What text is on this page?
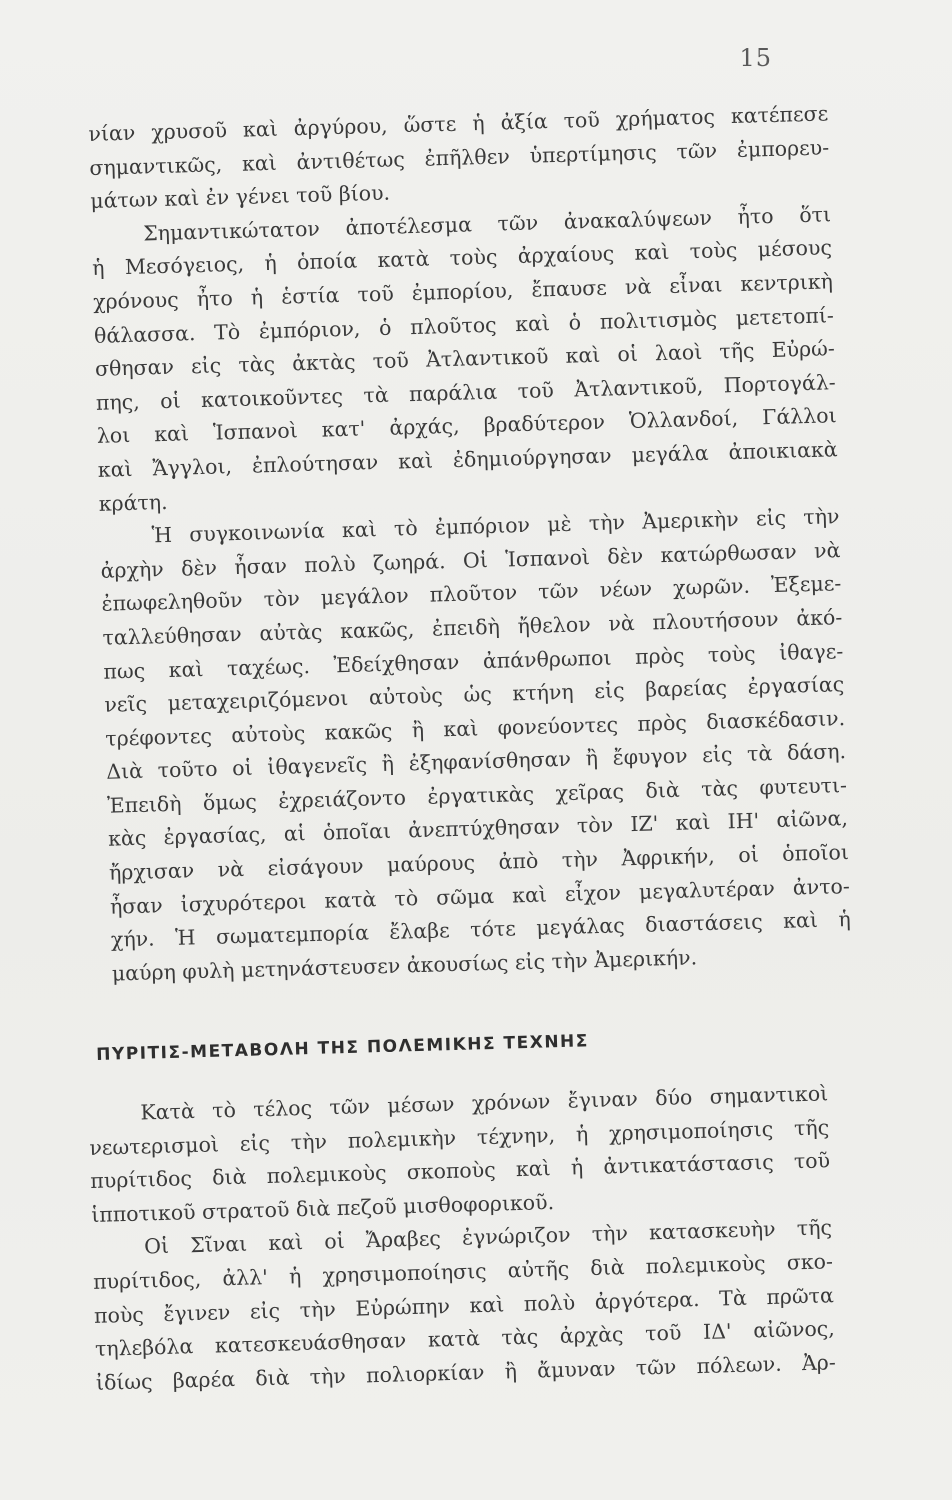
15
νίαν χρυσοῦ καὶ ἀργύρου, ὥστε ἡ ἀξία τοῦ χρήματος κατέπεσε
σημαντικῶς, καὶ ἀντιθέτως ἐπῆλθεν ὑπερτίμησις τῶν ἐμπορευ-
μάτων καὶ ἐν γένει τοῦ βίου.
Σημαντικώτατον ἀποτέλεσμα τῶν ἀνακαλύψεων ἦτο ὅτι
ἡ Μεσόγειος, ἡ ὁποία κατὰ τοὺς ἀρχαίους καὶ τοὺς μέσους
χρόνους ἦτο ἡ ἑστία τοῦ ἐμπορίου, ἔπαυσε νὰ εἶναι κεντρικὴ
θάλασσα. Τὸ ἐμπόριον, ὁ πλοῦτος καὶ ὁ πολιτισμὸς μετετοπί-
σθησαν εἰς τὰς ἀκτὰς τοῦ Ἀτλαντικοῦ καὶ οἱ λαοὶ τῆς Εὐρώ-
πης, οἱ κατοικοῦντες τὰ παράλια τοῦ Ἀτλαντικοῦ, Πορτογάλ-
λοι καὶ Ἱσπανοὶ κατ' ἀρχάς, βραδύτερον Ὁλλανδοί, Γάλλοι
καὶ Ἄγγλοι, ἐπλούτησαν καὶ ἐδημιούργησαν μεγάλα ἀποικιακὰ
κράτη.
Ἡ συγκοινωνία καὶ τὸ ἐμπόριον μὲ τὴν Ἀμερικὴν εἰς τὴν
ἀρχὴν δὲν ἦσαν πολὺ ζωηρά. Οἱ Ἱσπανοὶ δὲν κατώρθωσαν νὰ
ἐπωφεληθοῦν τὸν μεγάλον πλοῦτον τῶν νέων χωρῶν. Ἐξεμε-
ταλλεύθησαν αὐτὰς κακῶς, ἐπειδὴ ἤθελον νὰ πλουτήσουν ἀκό-
πως καὶ ταχέως. Ἐδείχθησαν ἀπάνθρωποι πρὸς τοὺς ἰθαγε-
νεῖς μεταχειριζόμενοι αὐτοὺς ὡς κτήνη εἰς βαρείας ἐργασίας
τρέφοντες αὐτοὺς κακῶς ἢ καὶ φονεύοντες πρὸς διασκέδασιν.
Διὰ τοῦτο οἱ ἰθαγενεῖς ἢ ἐξηφανίσθησαν ἢ ἔφυγον εἰς τὰ δάση.
Ἐπειδὴ ὅμως ἐχρειάζοντο ἐργατικὰς χεῖρας διὰ τὰς φυτευτι-
κὰς ἐργασίας, αἱ ὁποῖαι ἀνεπτύχθησαν τὸν ΙΖ' καὶ ΙΗ' αἰῶνα,
ἤρχισαν νὰ εἰσάγουν μαύρους ἀπὸ τὴν Ἀφρικήν, οἱ ὁποῖοι
ἦσαν ἰσχυρότεροι κατὰ τὸ σῶμα καὶ εἶχον μεγαλυτέραν ἀντο-
χήν. Ἡ σωματεμπορία ἔλαβε τότε μεγάλας διαστάσεις καὶ ἡ
μαύρη φυλὴ μετηνάστευσεν ἀκουσίως εἰς τὴν Ἀμερικήν.
ΠΥΡΙΤΙΣ-ΜΕΤΑΒΟΛΗ ΤΗΣ ΠΟΛΕΜΙΚΗΣ ΤΕΧΝΗΣ
Κατὰ τὸ τέλος τῶν μέσων χρόνων ἔγιναν δύο σημαντικοὶ
νεωτερισμοὶ εἰς τὴν πολεμικὴν τέχνην, ἡ χρησιμοποίησις τῆς
πυρίτιδος διὰ πολεμικοὺς σκοποὺς καὶ ἡ ἀντικατάστασις τοῦ
ἱππoτικοῦ στρατοῦ διὰ πεζοῦ μισθοφορικοῦ.
Οἱ Σῖναι καὶ οἱ Ἄραβες ἐγνώριζον τὴν κατασκευὴν τῆς
πυρίτιδος, ἀλλ' ἡ χρησιμοποίησις αὐτῆς διὰ πολεμικοὺς σκο-
ποὺς ἔγινεν εἰς τὴν Εὐρώπην καὶ πολὺ ἀργότερα. Τὰ πρῶτα
τηλεβόλα κατεσκευάσθησαν κατὰ τὰς ἀρχὰς τοῦ ΙΔ' αἰῶνος,
ἰδίως βαρέα διὰ τὴν πολιορκίαν ἢ ἄμυναν τῶν πόλεων. Ἀρ-
